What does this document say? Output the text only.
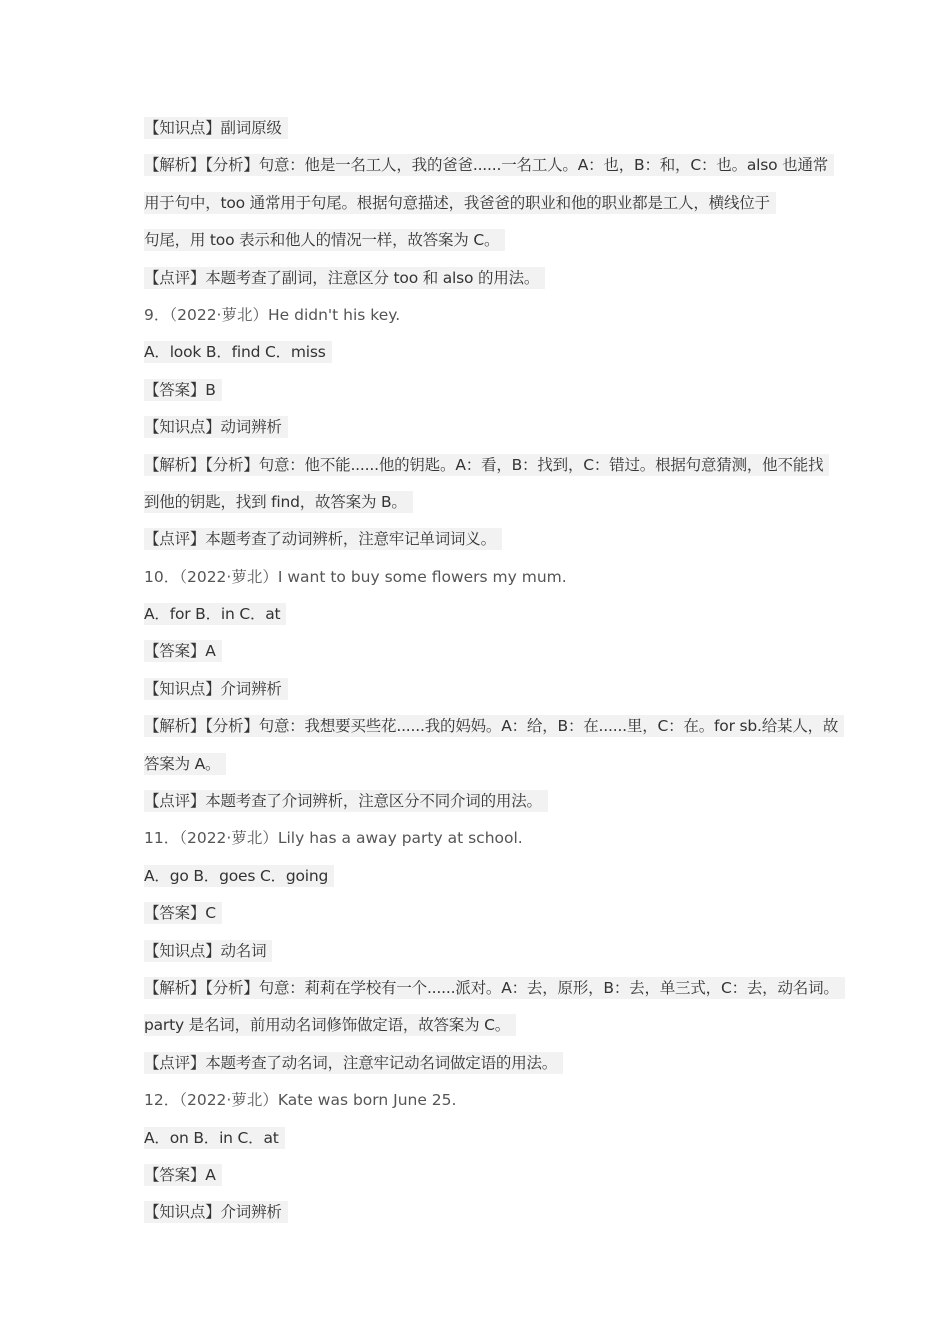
【知识点】副词原级
【解析】【分析】句意：他是一名工人，我的爸爸......一名工人。A：也，B：和，C：也。also 也通常
用于句中，too 通常用于句尾。根据句意描述，我爸爸的职业和他的职业都是工人，横线位于
句尾，用 too 表示和他人的情况一样，故答案为 C。
【点评】本题考查了副词，注意区分 too 和 also 的用法。
9．（2022·萝北）He didn't his key.
A．look B．find C．miss
【答案】B
【知识点】动词辨析
【解析】【分析】句意：他不能......他的钥匙。A：看，B：找到，C：错过。根据句意猜测，他不能找
到他的钥匙，找到 find，故答案为 B。
【点评】本题考查了动词辨析，注意牢记单词词义。
10．（2022·萝北）I want to buy some flowers my mum.
A．for B．in C．at
【答案】A
【知识点】介词辨析
【解析】【分析】句意：我想要买些花......我的妈妈。A：给，B：在......里，C：在。for sb.给某人，故
答案为 A。
【点评】本题考查了介词辨析，注意区分不同介词的用法。
11．（2022·萝北）Lily has a away party at school.
A．go B．goes C．going
【答案】C
【知识点】动名词
【解析】【分析】句意：莉莉在学校有一个......派对。A：去，原形，B：去，单三式，C：去，动名词。
party 是名词，前用动名词修饰做定语，故答案为 C。
【点评】本题考查了动名词，注意牢记动名词做定语的用法。
12．（2022·萝北）Kate was born June 25.
A．on B．in C．at
【答案】A
【知识点】介词辨析
